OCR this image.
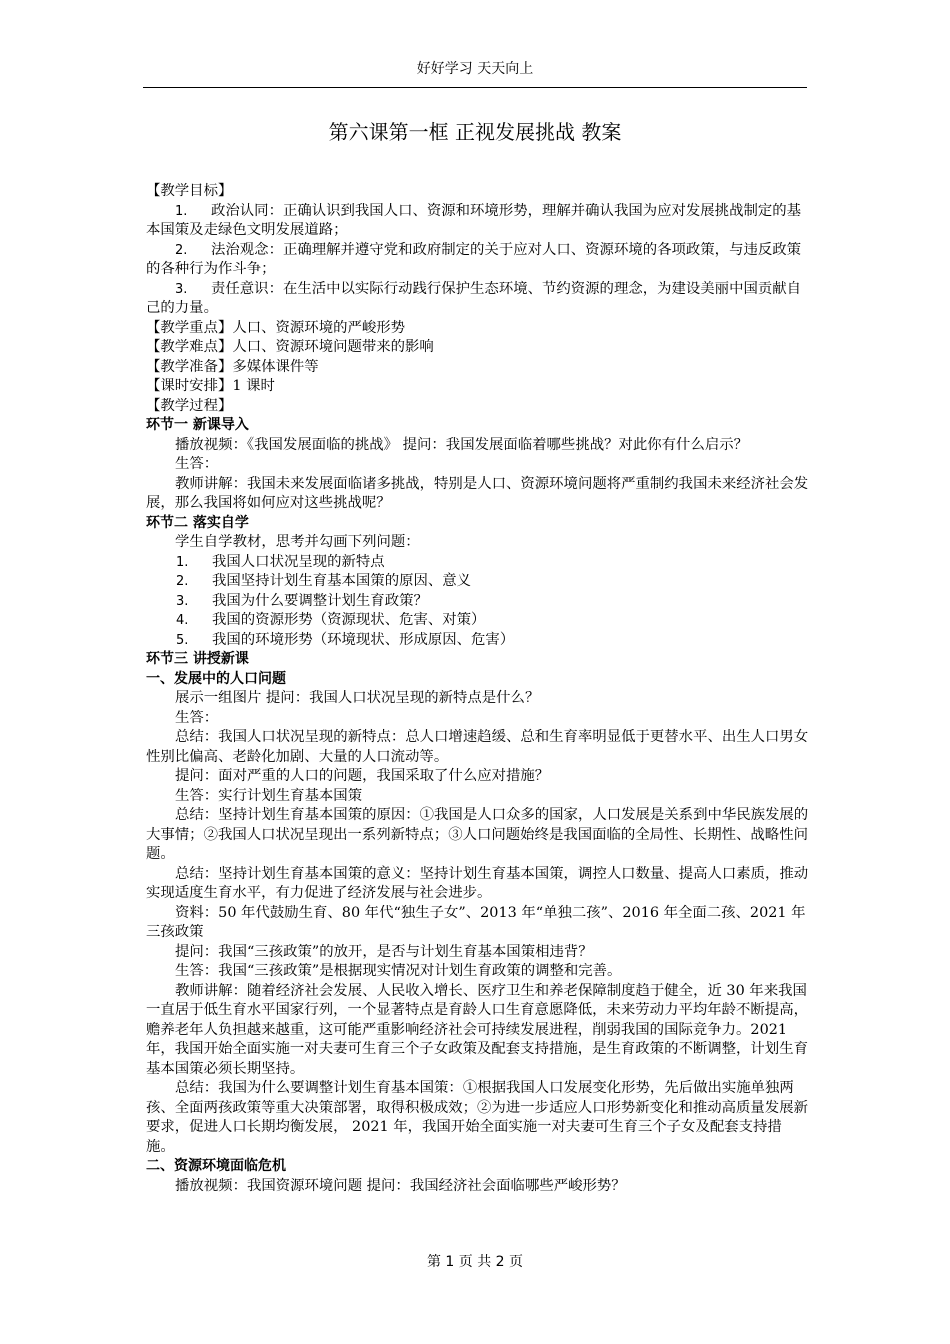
好好学习 天天向上
第六课第一框 正视发展挑战 教案

【教学目标】

1. 政治认同：正确认识到我国人口、资源和环境形势，理解并确认我国为应对发展挑战制定的基本国策及走绿色文明发展道路；

2. 法治观念：正确理解并遵守党和政府制定的关于应对人口、资源环境的各项政策，与违反政策的各种行为作斗争；

3. 责任意识：在生活中以实际行动践行保护生态环境、节约资源的理念，为建设美丽中国贡献自己的力量。

【教学重点】人口、资源环境的严峻形势

【教学难点】人口、资源环境问题带来的影响

【教学准备】多媒体课件等

【课时安排】1 课时

【教学过程】

环节一 新课导入

播放视频：《我国发展面临的挑战》 提问：我国发展面临着哪些挑战？对此你有什么启示？

生答：

教师讲解：我国未来发展面临诸多挑战，特别是人口、资源环境问题将严重制约我国未来经济社会发展，那么我国将如何应对这些挑战呢？

环节二 落实自学

学生自学教材，思考并勾画下列问题：

1. 我国人口状况呈现的新特点

2. 我国坚持计划生育基本国策的原因、意义

3. 我国为什么要调整计划生育政策？

4. 我国的资源形势（资源现状、危害、对策）

5. 我国的环境形势（环境现状、形成原因、危害）

环节三 讲授新课

一、发展中的人口问题

展示一组图片 提问：我国人口状况呈现的新特点是什么？

生答：

总结：我国人口状况呈现的新特点：总人口增速趋缓、总和生育率明显低于更替水平、出生人口男女性别比偏高、老龄化加剧、大量的人口流动等。

提问：面对严重的人口的问题，我国采取了什么应对措施？

生答：实行计划生育基本国策

总结：坚持计划生育基本国策的原因：①我国是人口众多的国家，人口发展是关系到中华民族发展的大事情；②我国人口状况呈现出一系列新特点；③人口问题始终是我国面临的全局性、长期性、战略性问题。

总结：坚持计划生育基本国策的意义：坚持计划生育基本国策，调控人口数量、提高人口素质，推动实现适度生育水平，有力促进了经济发展与社会进步。

资料：50 年代鼓励生育、80 年代“独生子女”、2013 年“单独二孩”、2016 年全面二孩、2021 年三孩政策

提问：我国“三孩政策”的放开，是否与计划生育基本国策相违背？

生答：我国“三孩政策”是根据现实情况对计划生育政策的调整和完善。

教师讲解：随着经济社会发展、人民收入增长、医疗卫生和养老保障制度趋于健全，近 30 年来我国一直居于低生育水平国家行列，一个显著特点是育龄人口生育意愿降低，未来劳动力平均年龄不断提高，赡养老年人负担越来越重，这可能严重影响经济社会可持续发展进程，削弱我国的国际竞争力。2021 年，我国开始全面实施一对夫妻可生育三个子女政策及配套支持措施，是生育政策的不断调整，计划生育基本国策必须长期坚持。

总结：我国为什么要调整计划生育基本国策：①根据我国人口发展变化形势，先后做出实施单独两孩、全面两孩政策等重大决策部署，取得积极成效；②为进一步适应人口形势新变化和推动高质量发展新要求，促进人口长期均衡发展， 2021 年，我国开始全面实施一对夫妻可生育三个子女及配套支持措施。

二、资源环境面临危机

播放视频：我国资源环境问题 提问：我国经济社会面临哪些严峻形势？

第 1 页 共 2 页
